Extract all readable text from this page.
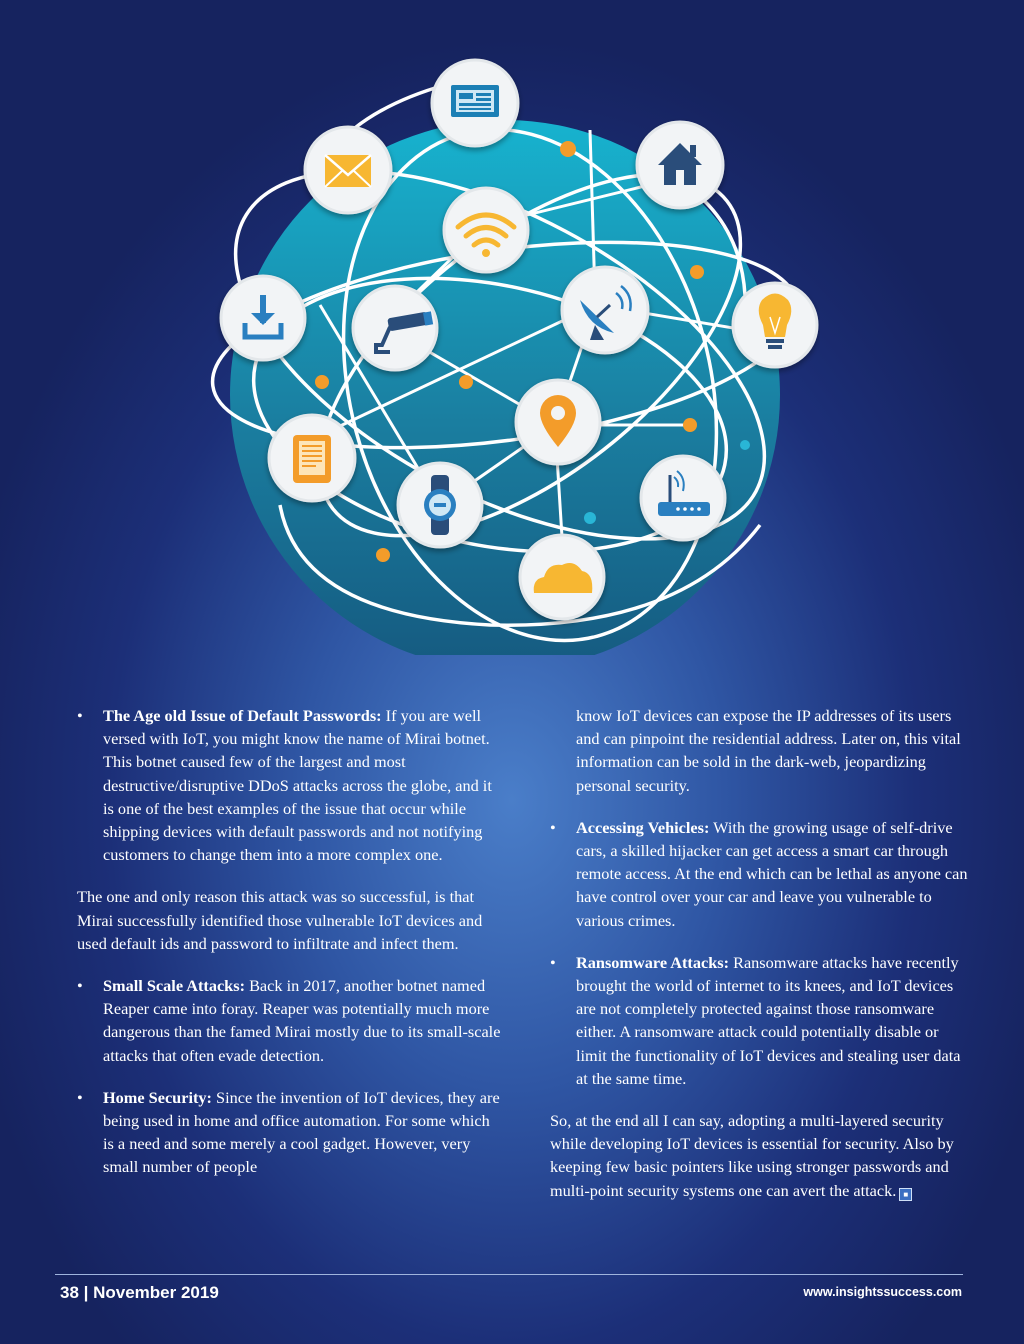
• The Age old Issue of Default Passwords: If you are well versed with IoT, you might know the name of Mirai botnet. This botnet caused few of the largest and most destructive/disruptive DDoS attacks across the globe, and it is one of the best examples of the issue that occur while shipping devices with default passwords and not notifying customers to change them into a more complex one.

The one and only reason this attack was so successful, is that Mirai successfully identified those vulnerable IoT devices and used default ids and password to infiltrate and infect them.

• Small Scale Attacks: Back in 2017, another botnet named Reaper came into foray. Reaper was potentially much more dangerous than the famed Mirai mostly due to its small-scale attacks that often evade detection.
• Home Security: Since the invention of IoT devices, they are being used in home and office automation. For some which is a need and some merely a cool gadget. However, very small number of people
know IoT devices can expose the IP addresses of its users and can pinpoint the residential address. Later on, this vital information can be sold in the dark-web, jeopardizing personal security.
• Accessing Vehicles: With the growing usage of self-drive cars, a skilled hijacker can get access a smart car through remote access. At the end which can be lethal as anyone can have control over your car and leave you vulnerable to various crimes.
• Ransomware Attacks: Ransomware attacks have recently brought the world of internet to its knees, and IoT devices are not completely protected against those ransomware either. A ransomware attack could potentially disable or limit the functionality of IoT devices and stealing user data at the same time.

So, at the end all I can say, adopting a multi-layered security while developing IoT devices is essential for security. Also by keeping few basic pointers like using stronger passwords and multi-point security systems one can avert the attack. ■

38 | November 2019	www.insightssuccess.com
